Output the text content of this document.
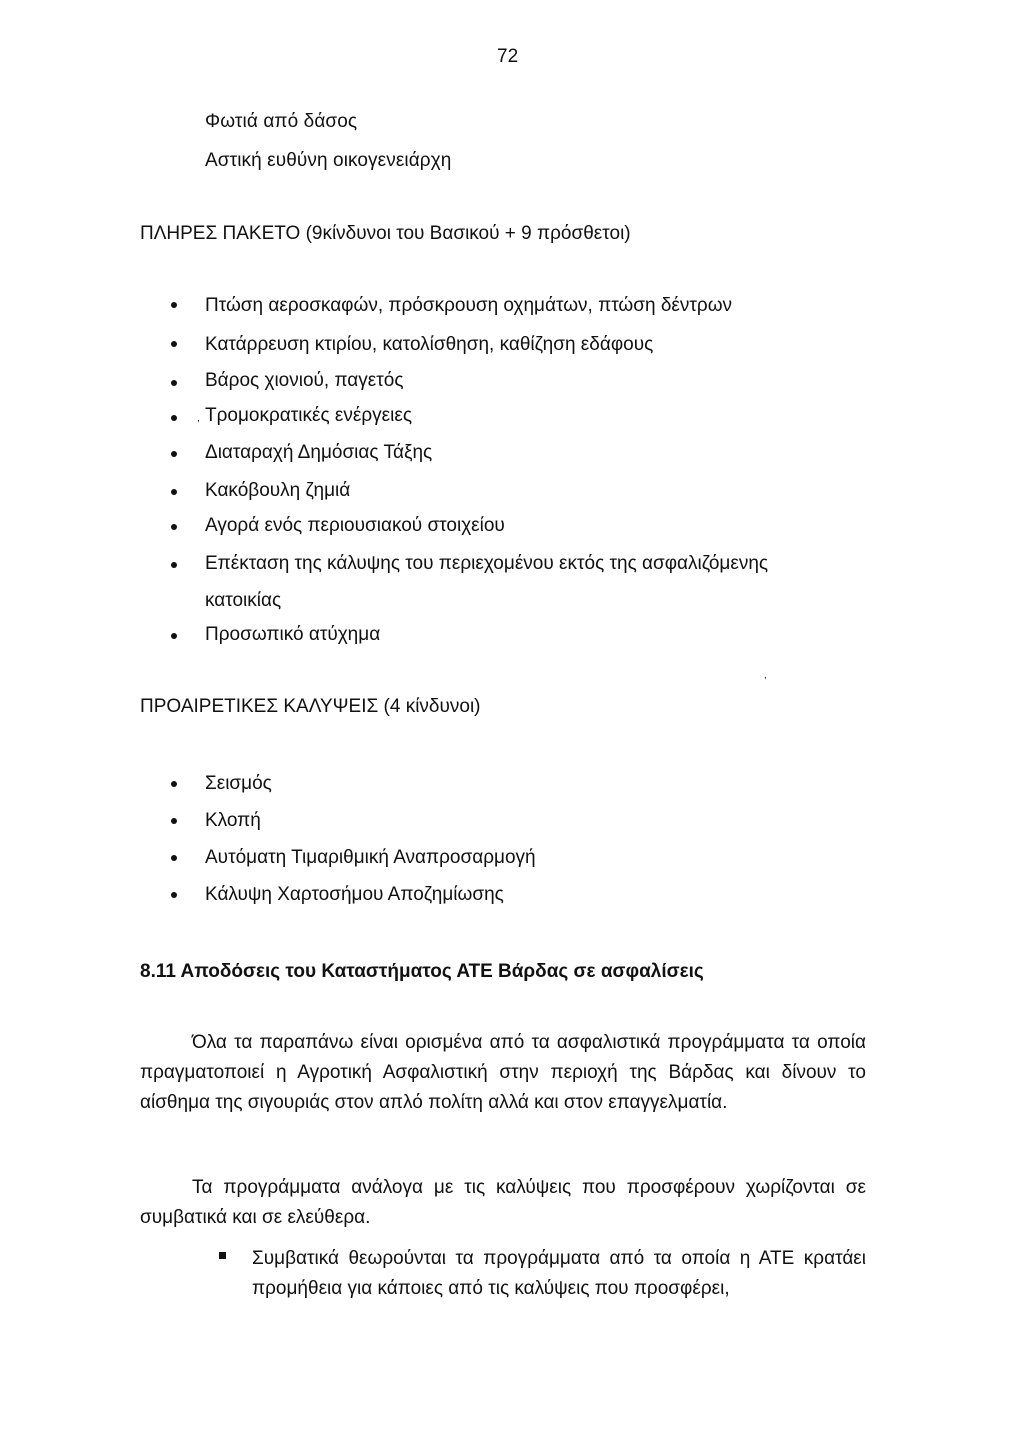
72
Φωτιά από δάσος
Αστική ευθύνη οικογενειάρχη
ΠΛΗΡΕΣ ΠΑΚΕΤΟ (9κίνδυνοι του Βασικού + 9 πρόσθετοι)
Πτώση αεροσκαφών, πρόσκρουση οχημάτων, πτώση δέντρων
Κατάρρευση κτιρίου, κατολίσθηση, καθίζηση εδάφους
Βάρος χιονιού, παγετός
, Τρομοκρατικές ενέργειες
Διαταραχή Δημόσιας Τάξης
Κακόβουλη ζημιά
Αγορά ενός περιουσιακού στοιχείου
Επέκταση της κάλυψης του περιεχομένου εκτός της ασφαλιζόμενης
κατοικίας
Προσωπικό ατύχημα
,
ΠΡΟΑΙΡΕΤΙΚΕΣ ΚΑΛΥΨΕΙΣ (4 κίνδυνοι)
Σεισμός
Κλοπή
Αυτόματη Τιμαριθμική Αναπροσαρμογή
Κάλυψη Χαρτοσήμου Αποζημίωσης
8.11 Αποδόσεις του Καταστήματος ΑΤΕ Βάρδας σε ασφαλίσεις
Όλα τα παραπάνω είναι ορισμένα από τα ασφαλιστικά προγράμματα τα οποία πραγματοποιεί η Αγροτική Ασφαλιστική στην περιοχή της Βάρδας και δίνουν το αίσθημα της σιγουριάς στον απλό πολίτη αλλά και στον επαγγελματία.
Τα προγράμματα ανάλογα με τις καλύψεις που προσφέρουν χωρίζονται σε συμβατικά και σε ελεύθερα.
Συμβατικά θεωρούνται τα προγράμματα από τα οποία η ΑΤΕ κρατάει προμήθεια για κάποιες από τις καλύψεις που προσφέρει,
